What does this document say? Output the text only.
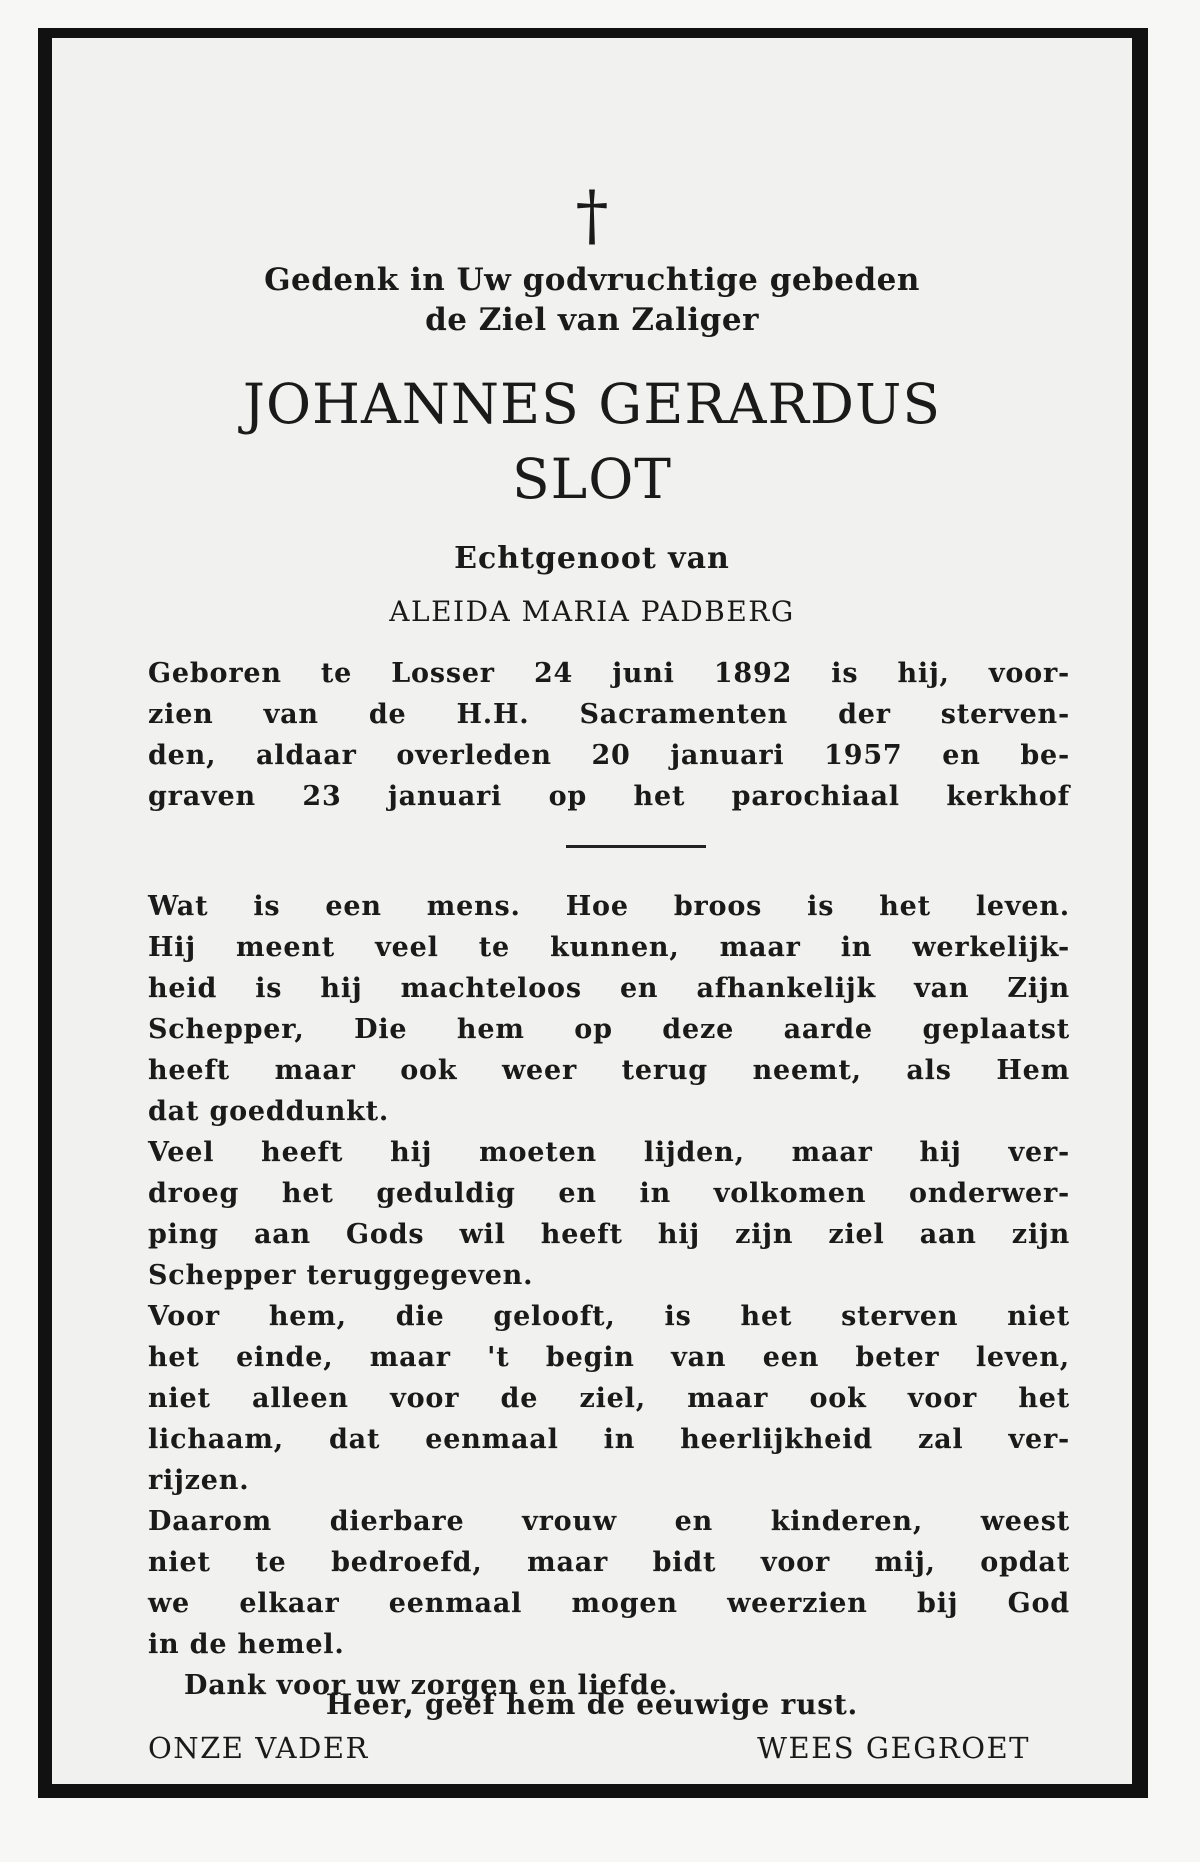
†
Gedenk in Uw godvruchtige gebeden
de Ziel van Zaliger
JOHANNES GERARDUS
SLOT
Echtgenoot van
ALEIDA MARIA PADBERG
Geboren te Losser 24 juni 1892 is hij, voor-
zien van de H.H. Sacramenten der sterven-
den, aldaar overleden 20 januari 1957 en be-
graven 23 januari op het parochiaal kerkhof
Wat is een mens. Hoe broos is het leven.
Hij meent veel te kunnen, maar in werkelijk-
heid is hij machteloos en afhankelijk van Zijn
Schepper, Die hem op deze aarde geplaatst
heeft maar ook weer terug neemt, als Hem
dat goeddunkt.
Veel heeft hij moeten lijden, maar hij ver-
droeg het geduldig en in volkomen onderwer-
ping aan Gods wil heeft hij zijn ziel aan zijn
Schepper teruggegeven.
Voor hem, die gelooft, is het sterven niet
het einde, maar 't begin van een beter leven,
niet alleen voor de ziel, maar ook voor het
lichaam, dat eenmaal in heerlijkheid zal ver-
rijzen.
Daarom dierbare vrouw en kinderen, weest
niet te bedroefd, maar bidt voor mij, opdat
we elkaar eenmaal mogen weerzien bij God
in de hemel.
Dank voor uw zorgen en liefde.
Heer, geef hem de eeuwige rust.
ONZE VADER	WEES GEGROET
